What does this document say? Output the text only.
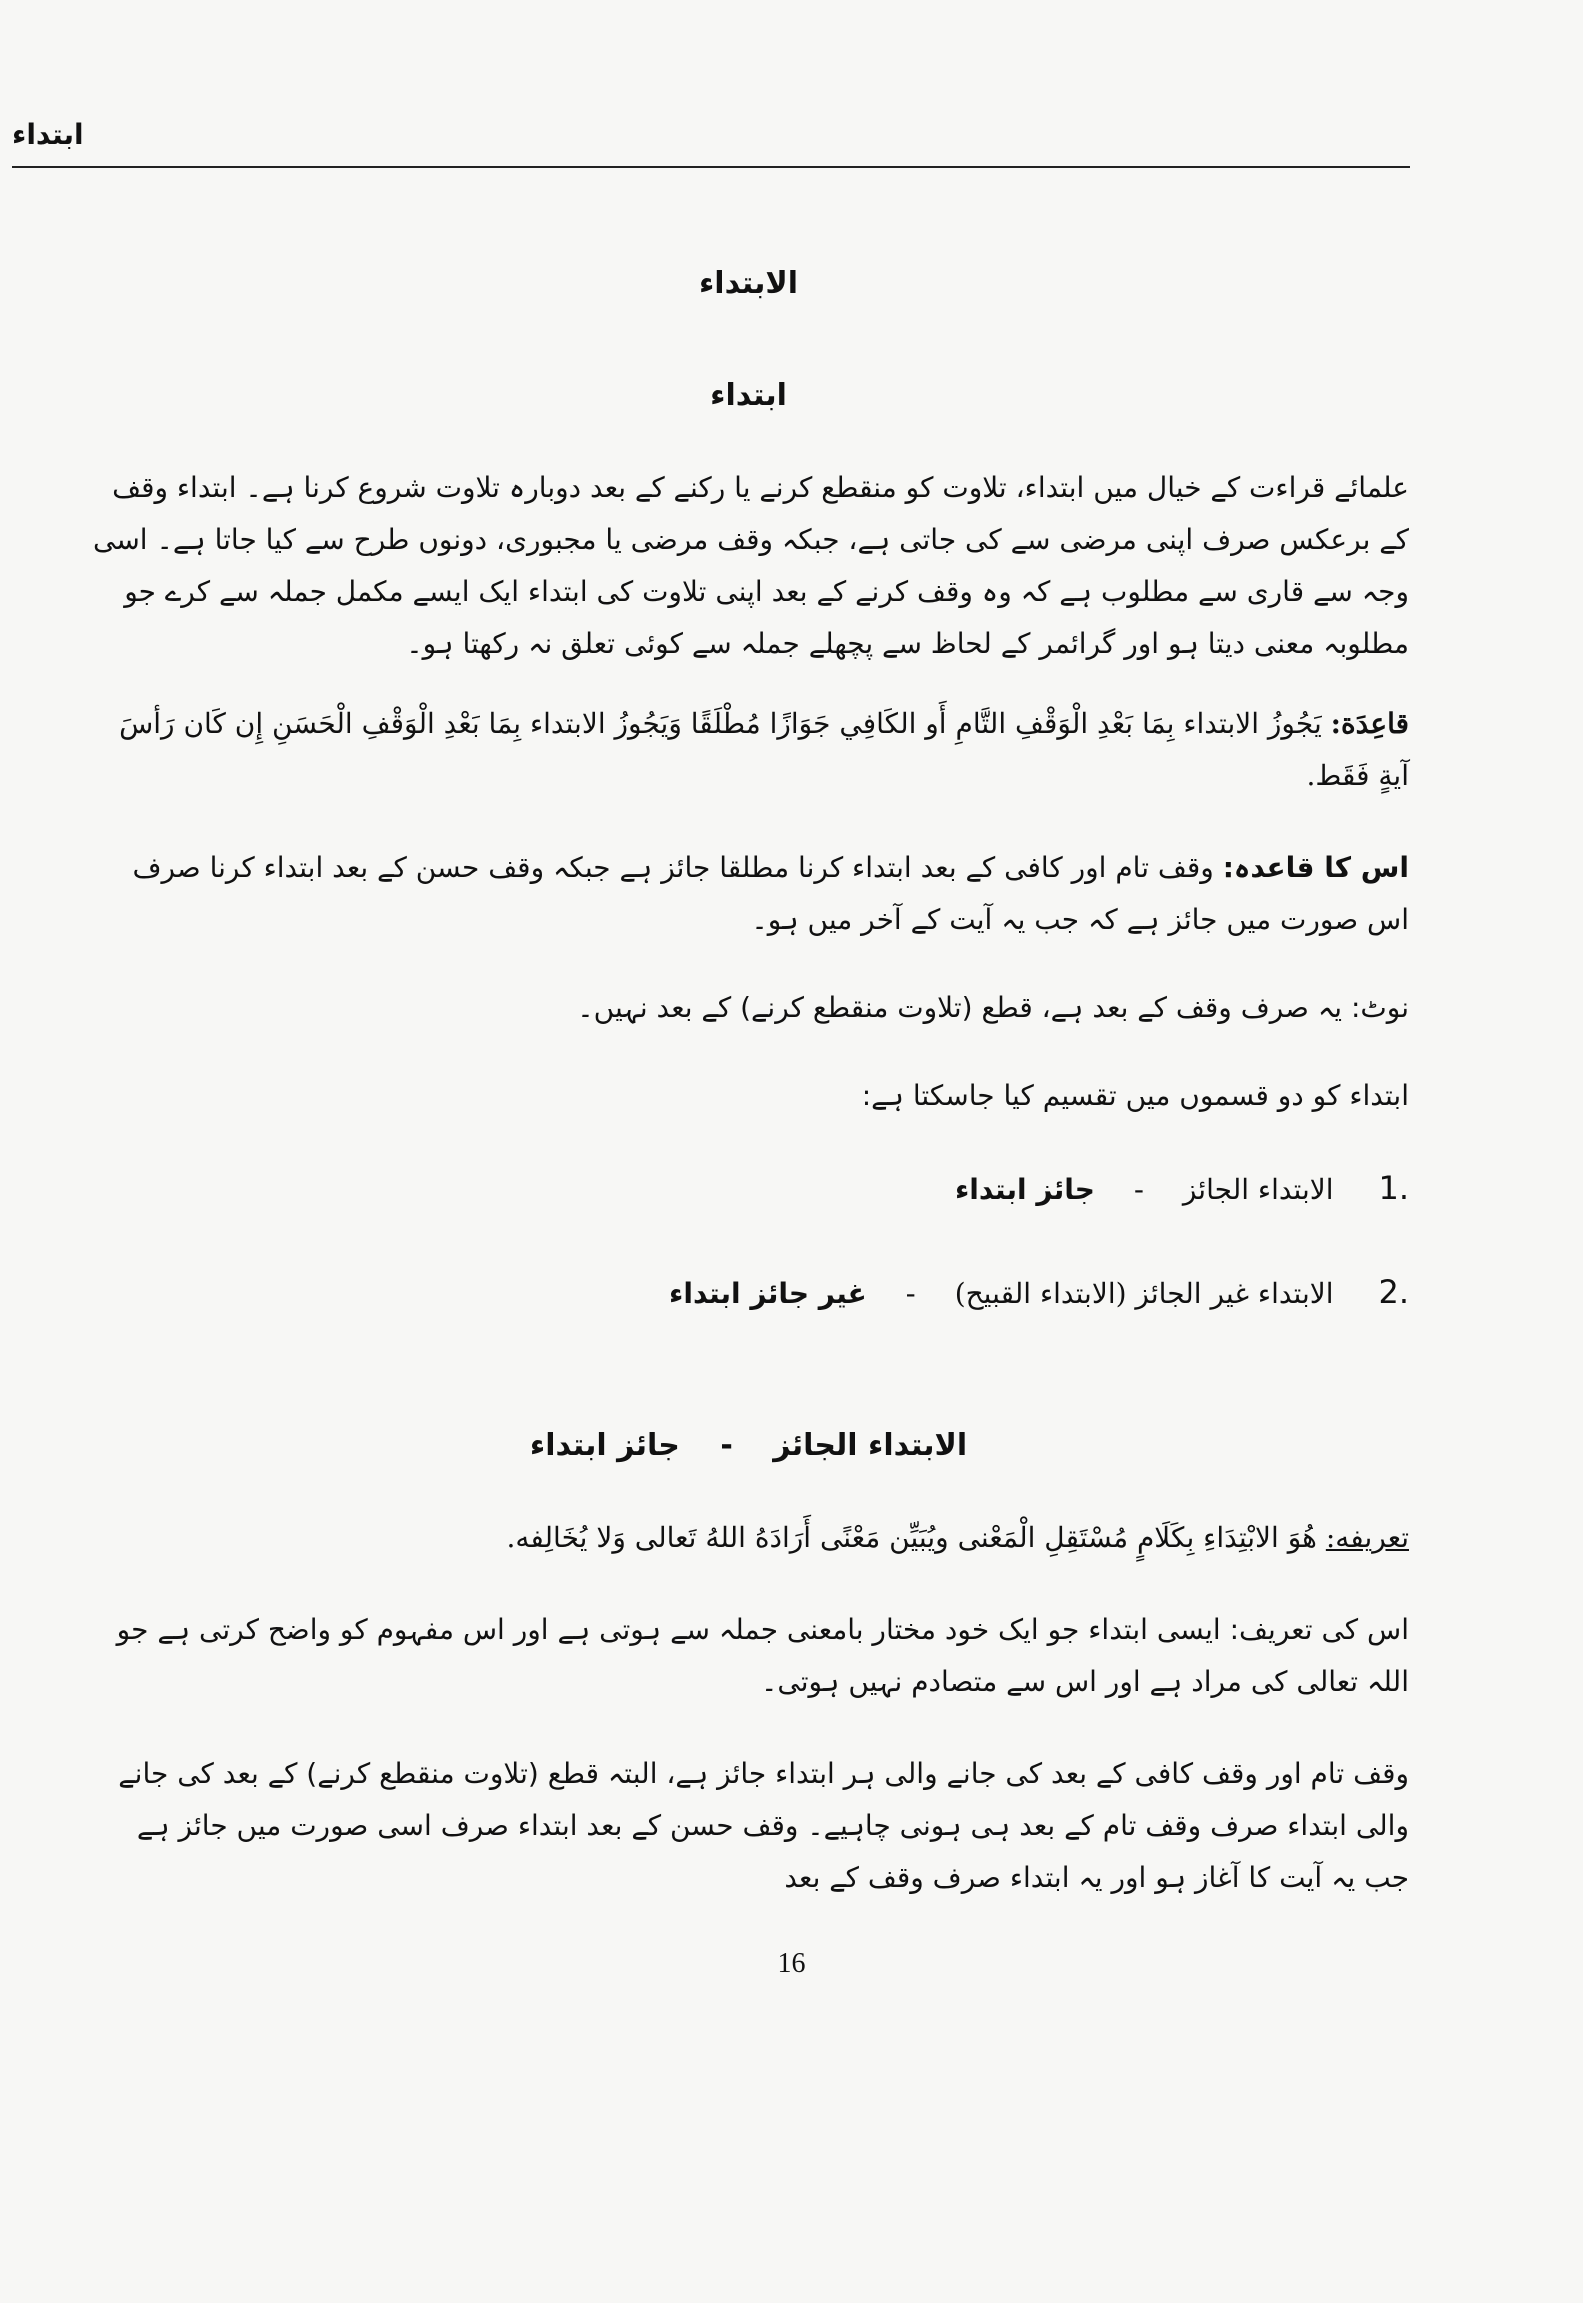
ابتداء
الابتداء
ابتداء
علمائے قراءت کے خیال میں ابتداء، تلاوت کو منقطع کرنے یا رکنے کے بعد دوبارہ تلاوت شروع کرنا ہے۔ ابتداء وقف کے برعکس صرف اپنی مرضی سے کی جاتی ہے، جبکہ وقف مرضی یا مجبوری، دونوں طرح سے کیا جاتا ہے۔ اسی وجہ سے قاری سے مطلوب ہے کہ وہ وقف کرنے کے بعد اپنی تلاوت کی ابتداء ایک ایسے مکمل جملہ سے کرے جو مطلوبہ معنی دیتا ہو اور گرائمر کے لحاظ سے پچھلے جملہ سے کوئی تعلق نہ رکھتا ہو۔
قاعِدَة: يَجُوزُ الابتداء بِمَا بَعْدِ الْوَقْفِ التَّامِ أَو الكَافِي جَوَازًا مُطْلَقًا وَيَجُوزُ الابتداء بِمَا بَعْدِ الْوَقْفِ الْحَسَنِ إِن كَان رَأسَ آيةٍ فَقَط.
اس کا قاعدہ: وقف تام اور کافی کے بعد ابتداء کرنا مطلقا جائز ہے جبکہ وقف حسن کے بعد ابتداء کرنا صرف اس صورت میں جائز ہے کہ جب یہ آیت کے آخر میں ہو۔
نوٹ: یہ صرف وقف کے بعد ہے، قطع (تلاوت منقطع کرنے) کے بعد نہیں۔
ابتداء کو دو قسموں میں تقسیم کیا جاسکتا ہے:
1. الابتداء الجائز - جائز ابتداء
2. الابتداء غير الجائز (الابتداء القبيح) - غیر جائز ابتداء
الابتداء الجائز - جائز ابتداء
تعریفه: هُوَ الابْتِدَاءِ بِكَلَامٍ مُسْتَقِلِ الْمَعْنى ويُبَيِّن مَعْنًى أَرَادَهُ اللهُ تَعالى وَلا يُخَالِفه.
اس کی تعریف: ایسی ابتداء جو ایک خود مختار بامعنی جملہ سے ہوتی ہے اور اس مفہوم کو واضح کرتی ہے جو اللہ تعالی کی مراد ہے اور اس سے متصادم نہیں ہوتی۔
وقف تام اور وقف کافی کے بعد کی جانے والی ہر ابتداء جائز ہے، البتہ قطع (تلاوت منقطع کرنے) کے بعد کی جانے والی ابتداء صرف وقف تام کے بعد ہی ہونی چاہیے۔ وقف حسن کے بعد ابتداء صرف اسی صورت میں جائز ہے جب یہ آیت کا آغاز ہو اور یہ ابتداء صرف وقف کے بعد
16
